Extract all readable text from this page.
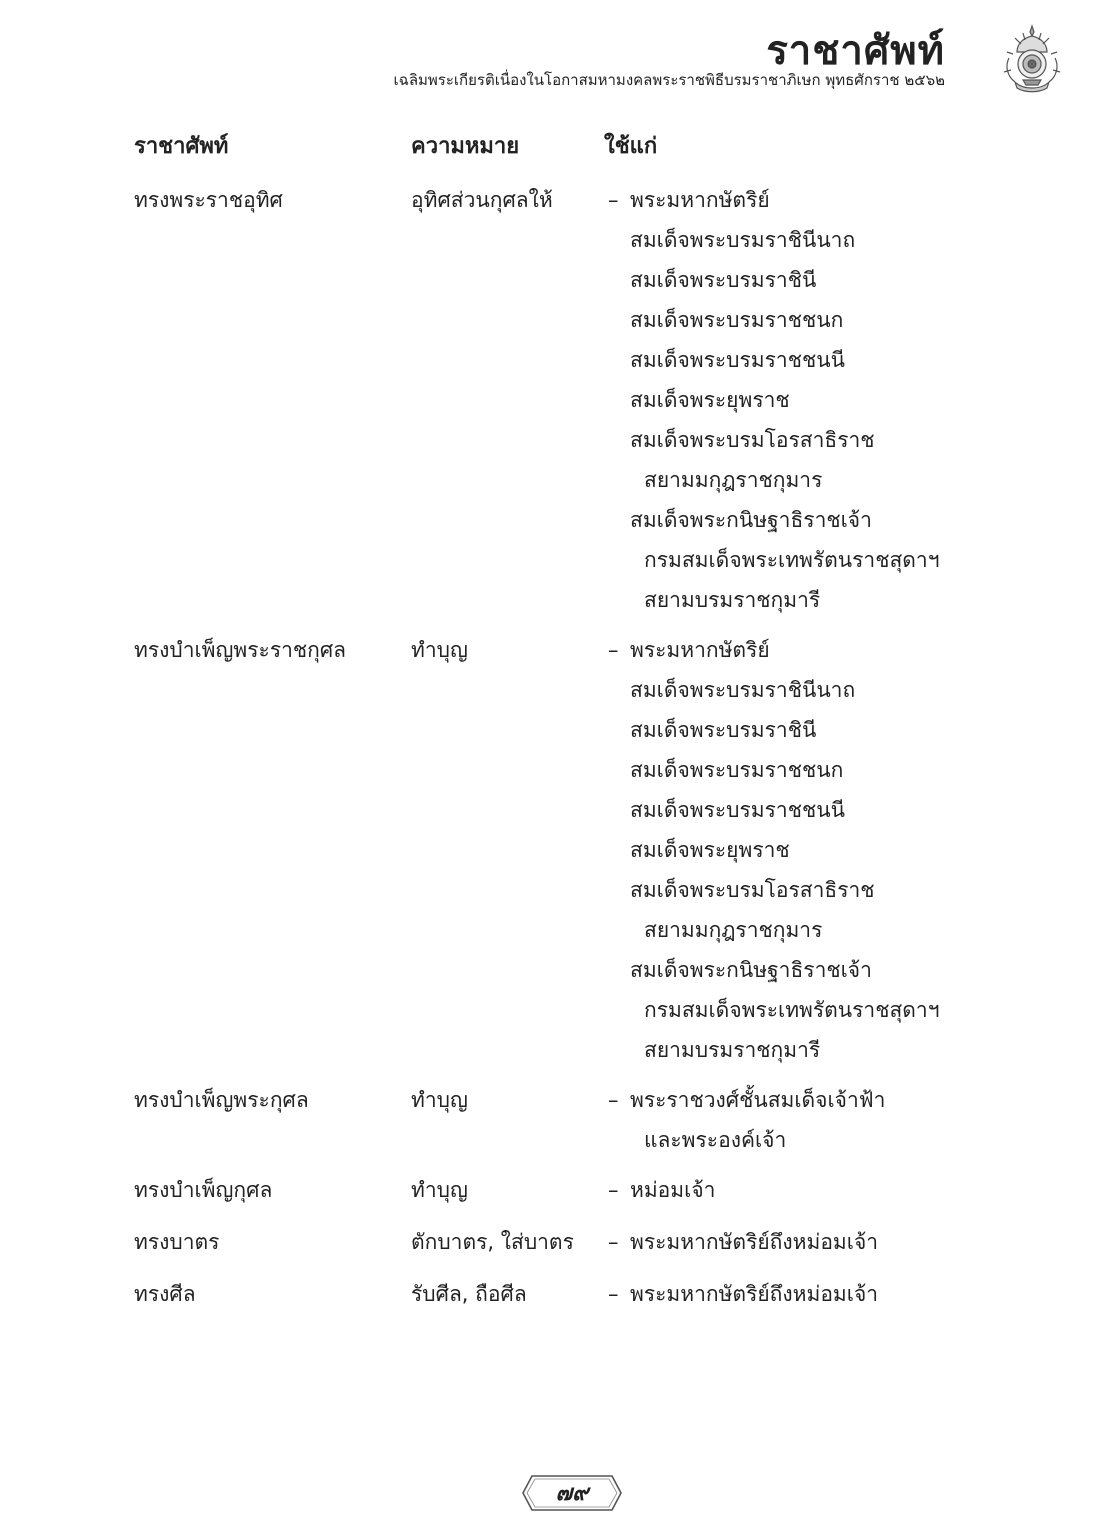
ราชาศัพท์
เฉลิมพระเกียรติเนื่องในโอกาสมหามงคลพระราชพิธีบรมราชาภิเษก พุทธศักราช ๒๕๖๒
ราชาศัพท์	ความหมาย	ใช้แก่
ทรงพระราชอุทิศ	อุทิศส่วนกุศลให้	– พระมหากษัตริย์
สมเด็จพระบรมราชินีนาถ
สมเด็จพระบรมราชินี
สมเด็จพระบรมราชชนก
สมเด็จพระบรมราชชนนี
สมเด็จพระยุพราช
สมเด็จพระบรมโอรสาธิราช
สยามมกุฎราชกุมาร
สมเด็จพระกนิษฐาธิราชเจ้า
กรมสมเด็จพระเทพรัตนราชสุดาฯ
สยามบรมราชกุมารี
ทรงบำเพ็ญพระราชกุศล	ทำบุญ	– พระมหากษัตริย์
สมเด็จพระบรมราชินีนาถ
สมเด็จพระบรมราชินี
สมเด็จพระบรมราชชนก
สมเด็จพระบรมราชชนนี
สมเด็จพระยุพราช
สมเด็จพระบรมโอรสาธิราช
สยามมกุฎราชกุมาร
สมเด็จพระกนิษฐาธิราชเจ้า
กรมสมเด็จพระเทพรัตนราชสุดาฯ
สยามบรมราชกุมารี
ทรงบำเพ็ญพระกุศล	ทำบุญ	– พระราชวงศ์ชั้นสมเด็จเจ้าฟ้า
และพระองค์เจ้า
ทรงบำเพ็ญกุศล	ทำบุญ	– หม่อมเจ้า
ทรงบาตร	ตักบาตร, ใส่บาตร – พระมหากษัตริย์ถึงหม่อมเจ้า
ทรงศีล	รับศีล, ถือศีล	– พระมหากษัตริย์ถึงหม่อมเจ้า
๗๙
